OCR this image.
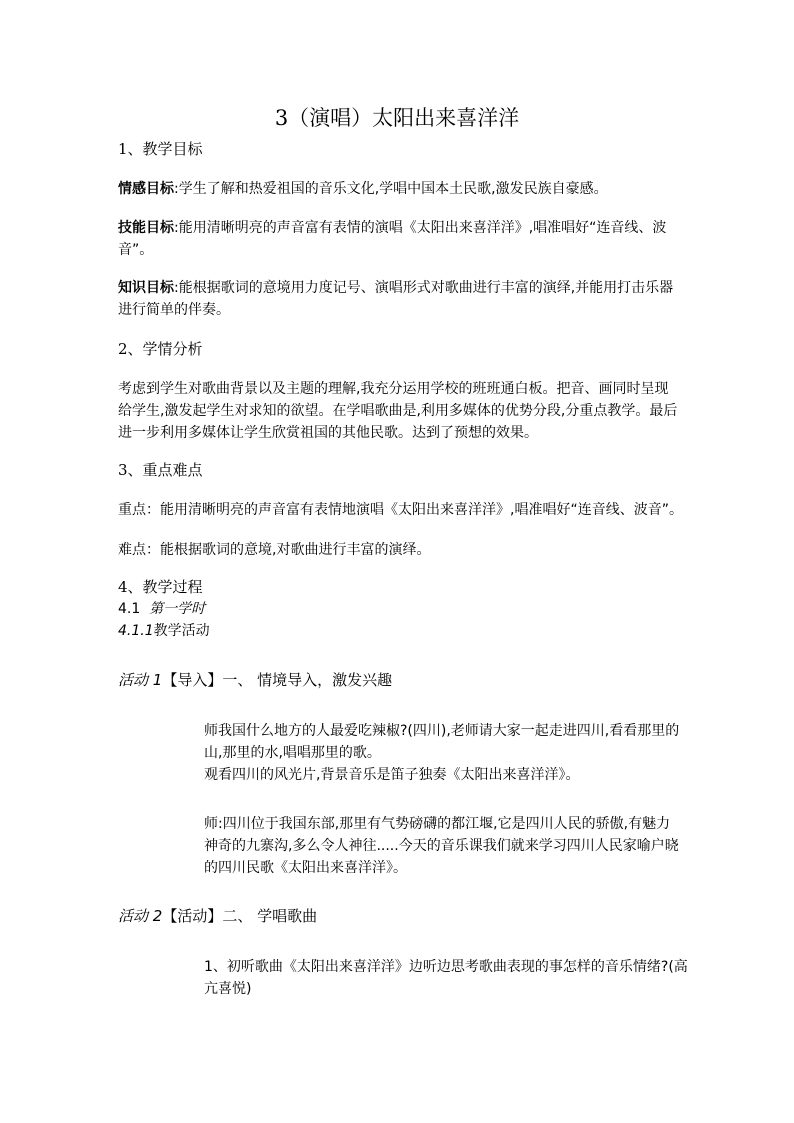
3（演唱）太阳出来喜洋洋
1、教学目标
情感目标:学生了解和热爱祖国的音乐文化,学唱中国本土民歌,激发民族自豪感。
技能目标:能用清晰明亮的声音富有表情的演唱《太阳出来喜洋洋》,唱准唱好“连音线、波
音”。
知识目标:能根据歌词的意境用力度记号、演唱形式对歌曲进行丰富的演绎,并能用打击乐器
进行简单的伴奏。
2、学情分析
考虑到学生对歌曲背景以及主题的理解,我充分运用学校的班班通白板。把音、画同时呈现
给学生,激发起学生对求知的欲望。在学唱歌曲是,利用多媒体的优势分段,分重点教学。最后
进一步利用多媒体让学生欣赏祖国的其他民歌。达到了预想的效果。
3、重点难点
重点：能用清晰明亮的声音富有表情地演唱《太阳出来喜洋洋》,唱准唱好“连音线、波音”。
难点：能根据歌词的意境,对歌曲进行丰富的演绎。
4、教学过程
4.1 第一学时
4.1.1教学活动
活动 1【导入】一、 情境导入，激发兴趣
师我国什么地方的人最爱吃辣椒?(四川),老师请大家一起走进四川,看看那里的
山,那里的水,唱唱那里的歌。
观看四川的风光片,背景音乐是笛子独奏《太阳出来喜洋洋》。
师:四川位于我国东部,那里有气势磅礴的都江堰,它是四川人民的骄傲,有魅力
神奇的九寨沟,多么令人神往.....今天的音乐课我们就来学习四川人民家喻户晓
的四川民歌《太阳出来喜洋洋》。
活动 2【活动】二、 学唱歌曲
1、初听歌曲《太阳出来喜洋洋》边听边思考歌曲表现的事怎样的音乐情绪?(高
亢喜悦)
